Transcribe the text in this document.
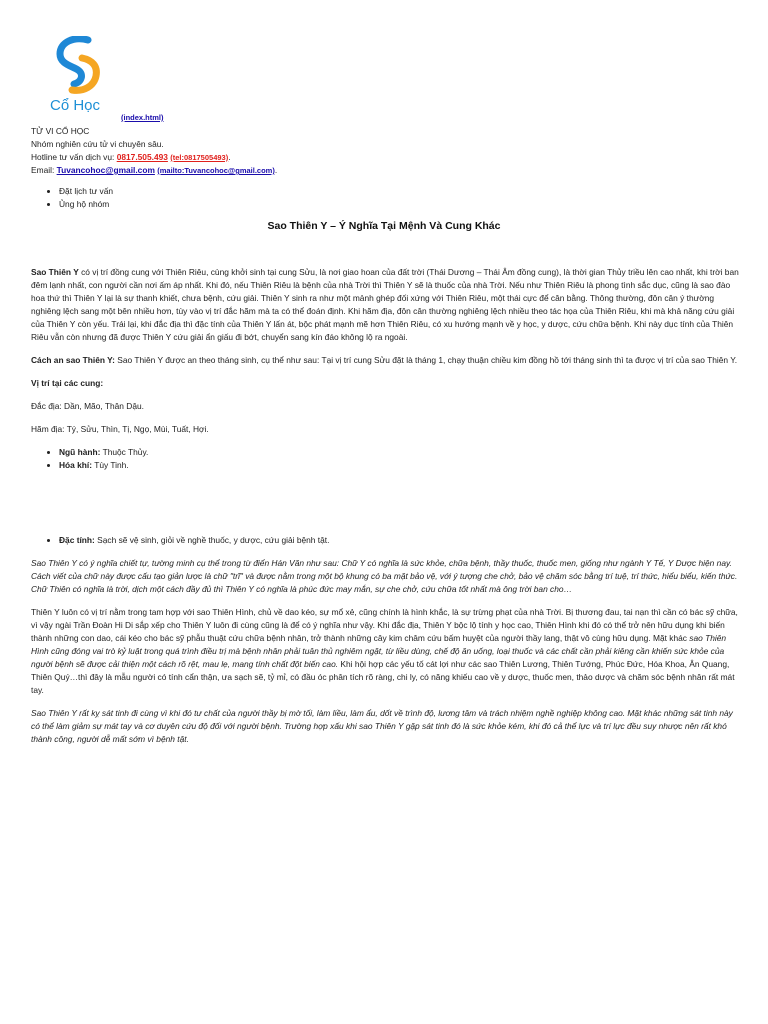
Cổ Học
(index.html)
TỬ VI CỔ HỌC
Nhóm nghiên cứu tử vi chuyên sâu.
Hotline tư vấn dịch vụ: 0817.505.493 (tel:0817505493).
Email: Tuvancohoc@gmail.com (mailto:Tuvancohoc@gmail.com).
• Đặt lịch tư vấn
• Ủng hộ nhóm
Sao Thiên Y – Ý Nghĩa Tại Mệnh Và Cung Khác

Sao Thiên Y có vị trí đồng cung với Thiên Riêu, cùng khởi sinh tại cung Sửu, là nơi giao hoan của đất trời (Thái Dương – Thái Âm đồng cung), là thời gian Thủy triều lên cao nhất, khi trời ban đêm lạnh nhất, con người cần nơi ấm áp nhất. Khi đó, nếu Thiên Riêu là bệnh của nhà Trời thì Thiên Y sẽ là thuốc của nhà Trời. Nếu như Thiên Riêu là phong tình sắc dục, cũng là sao đào hoa thứ thì Thiên Y lại là sự thanh khiết, chưa bệnh, cứu giải. Thiên Y sinh ra như một mảnh ghép đối xứng với Thiên Riêu, một thái cực để cân bằng. Thông thường, đôn cân ý thường nghiêng lệch sang một bên nhiều hơn, tùy vào vị trí đắc hãm mà ta có thể đoán định. Khi hãm địa, đôn cân thường nghiêng lệch nhiều theo tác họa của Thiên Riêu, khi mà khả năng cứu giải của Thiên Y còn yếu. Trái lại, khi đắc địa thì đặc tính của Thiên Y lấn át, bộc phát mạnh mẽ hơn Thiên Riêu, có xu hướng mạnh về y học, y dược, cứu chữa bệnh. Khi này dục tính của Thiên Riêu vẫn còn nhưng đã được Thiên Y cứu giải ẩn giấu đi bớt, chuyển sang kín đáo không lộ ra ngoài.

Cách an sao Thiên Y: Sao Thiên Y được an theo tháng sinh, cụ thể như sau: Tại vị trí cung Sửu đặt là tháng 1, chạy thuận chiều kim đồng hồ tới tháng sinh thì ta được vị trí của sao Thiên Y.

Vị trí tại các cung:

Đắc địa: Dần, Mão, Thân Dậu.

Hãm địa: Tý, Sửu, Thìn, Tị, Ngọ, Mùi, Tuất, Hợi.

• Ngũ hành: Thuộc Thủy.
• Hóa khí: Tùy Tinh.
• Đặc tính: Sạch sẽ vệ sinh, giỏi về nghề thuốc, y dược, cứu giải bệnh tật.

Sao Thiên Y có ý nghĩa chiết tự, tường minh cụ thể trong từ điển Hán Văn như sau: Chữ Y có nghĩa là sức khỏe, chữa bệnh, thầy thuốc, thuốc men, giống như ngành Y Tế, Y Dược hiện nay. Cách viết của chữ này được cấu tạo giản lược là chữ "trĩ" và được nằm trong một bộ khung có ba mặt bảo vệ, với ý tượng che chở, bảo vệ chăm sóc bằng trí tuệ, trí thức, hiểu biểu, kiến thức. Chữ Thiên có nghĩa là trời, dịch một cách đầy đủ thì Thiên Y có nghĩa là phúc đức may mắn, sự che chở, cứu chữa tốt nhất mà ông trời ban cho…

Thiên Y luôn có vị trí nằm trong tam hợp với sao Thiên Hình, chủ về dao kéo, sự mổ xẻ, cũng chính là hình khắc, là sự trừng phạt của nhà Trời. Bị thương đau, tai nạn thì cần có bác sỹ chữa, vì vậy ngài Trần Đoàn Hi Di sắp xếp cho Thiên Y luôn đi cùng cũng là để có ý nghĩa như vậy. Khi đắc địa, Thiên Y bộc lộ tính y học cao, Thiên Hình khi đó có thể trở nên hữu dụng khi biến thành những con dao, cái kéo cho bác sỹ phẫu thuật cứu chữa bệnh nhân, trở thành những cây kim châm cứu bấm huyệt của người thầy lang, thật vô cùng hữu dụng. Mặt khác sao Thiên Hình cũng đóng vai trò kỷ luật trong quá trình điều trị mà bệnh nhân phải tuân thủ nghiêm ngặt, từ liều dùng, chế độ ăn uống, loại thuốc và các chất cần phải kiêng cần khiến sức khỏe của người bệnh sẽ được cải thiện một cách rõ rệt, mau lẹ, mang tính chất đột biến cao. Khi hội hợp các yếu tố cát lợi như các sao Thiên Lương, Thiên Tướng, Phúc Đức, Hóa Khoa, Ân Quang, Thiên Quý…thì đây là mẫu người có tính cẩn thận, ưa sạch sẽ, tỷ mỉ, có đầu óc phân tích rõ ràng, chi ly, có năng khiếu cao về y dược, thuốc men, thảo dược và chăm sóc bệnh nhân rất mát tay.

Sao Thiên Y rất kỵ sát tinh đi cùng vì khi đó tư chất của người thầy bị mờ tối, làm liều, làm ẩu, dốt về trình độ, lương tâm và trách nhiệm nghề nghiệp không cao. Mặt khác những sát tinh này có thể làm giảm sự mát tay và cơ duyên cứu độ đối với người bệnh. Trường hợp xấu khi sao Thiên Y gặp sát tinh đó là sức khỏe kém, khi đó cả thể lực và trí lực đều suy nhược nên rất khó thành công, người dễ mất sớm vì bệnh tật.
